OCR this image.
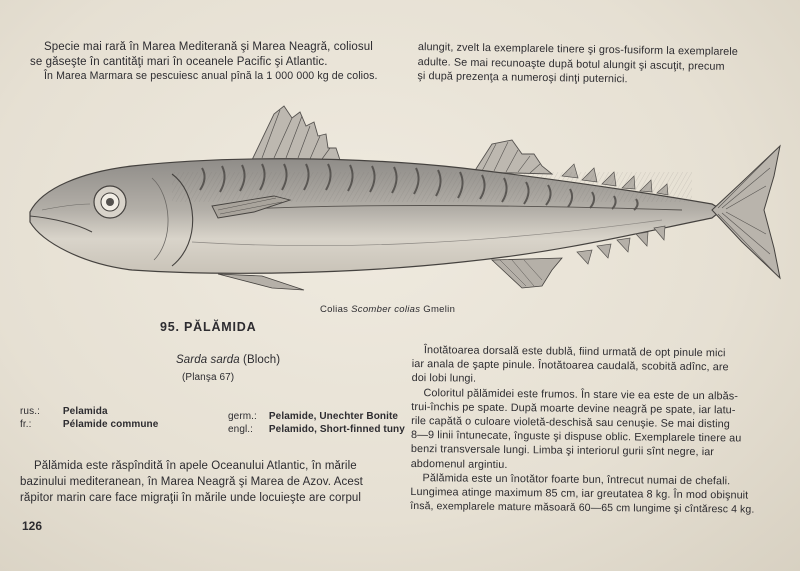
Specie mai rară în Marea Mediterană şi Marea Neagră, coliosul
se găseşte în cantităţi mari în oceanele Pacific şi Atlantic.
În Marea Marmara se pescuiesc anual pînă la 1 000 000 kg de colios.
alungit, zvelt la exemplarele tinere şi gros-fusiform la exemplarele
adulte. Se mai recunoaşte după botul alungit şi ascuţit, precum
şi după prezenţa a numeroşi dinţi puternici.
Colias Scomber colias Gmelin
95. PĂLĂMIDA
Sarda sarda (Bloch)
(Planşa 67)
rus.: Pelamida
fr.:	Pélamide commune
germ.: Pelamide, Unechter Bonite
engl.: Pelamido, Short-finned tuny
Pălămida este răspîndită în apele Oceanului Atlantic, în mările
bazinului mediteranean, în Marea Neagră şi Marea de Azov. Acest
răpitor marin care face migraţii în mările unde locuieşte are corpul
Înotătoarea dorsală este dublă, fiind urmată de opt pinule mici
iar anala de şapte pinule. Înotătoarea caudală, scobită adînc, are
doi lobi lungi.
Coloritul pălămidei este frumos. În stare vie ea este de un albăs-
trui-închis pe spate. După moarte devine neagră pe spate, iar latu-
rile capătă o culoare violetă-deschisă sau cenuşie. Se mai disting
8—9 linii întunecate, înguste şi dispuse oblic. Exemplarele tinere au
benzi transversale lungi. Limba şi interiorul gurii sînt negre, iar
abdomenul argintiu.
Pălămida este un înotător foarte bun, întrecut numai de chefali.
Lungimea atinge maximum 85 cm, iar greutatea 8 kg. În mod obişnuit
însă, exemplarele mature măsoară 60—65 cm lungime şi cîntăresc 4 kg.
126
